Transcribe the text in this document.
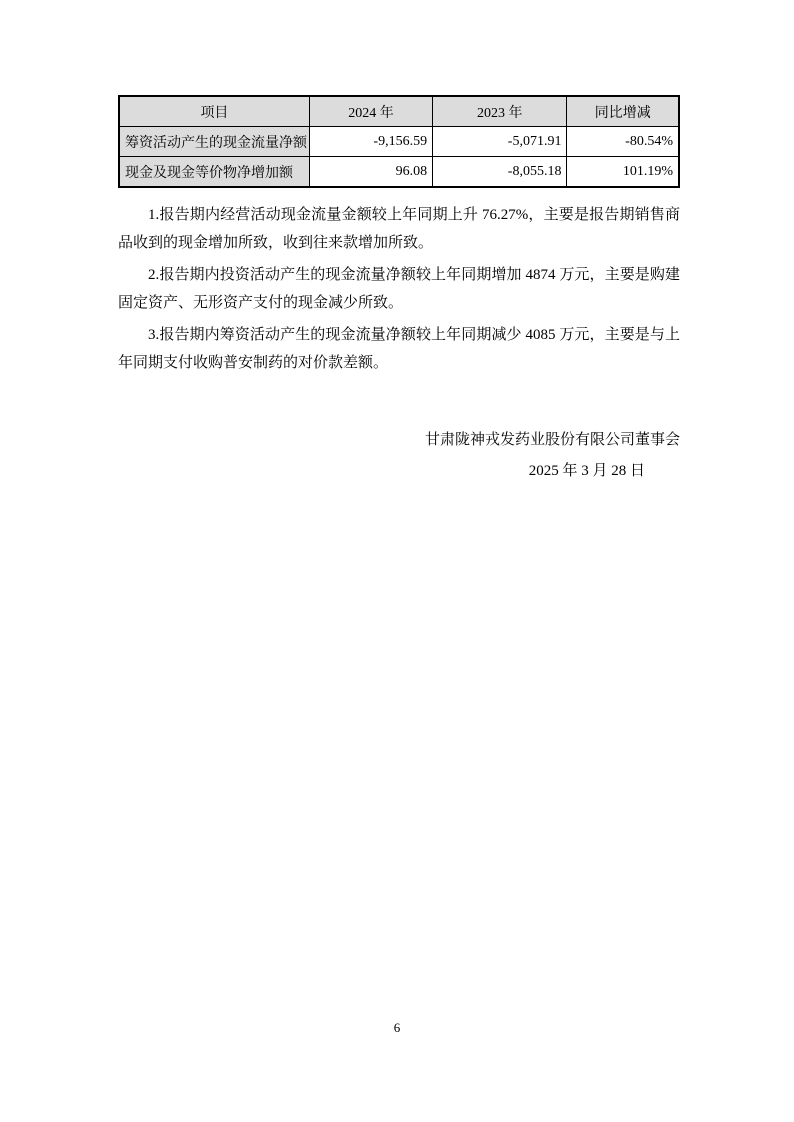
项目	2024 年	2023 年	同比增减
筹资活动产生的现金流量净额	-9,156.59	-5,071.91	-80.54%
现金及现金等价物净增加额	96.08	-8,055.18	101.19%

1.报告期内经营活动现金流量金额较上年同期上升 76.27%，主要是报告期销售商品收到的现金增加所致，收到往来款增加所致。

2.报告期内投资活动产生的现金流量净额较上年同期增加 4874 万元，主要是购建固定资产、无形资产支付的现金减少所致。

3.报告期内筹资活动产生的现金流量净额较上年同期减少 4085 万元，主要是与上年同期支付收购普安制药的对价款差额。

甘肃陇神戎发药业股份有限公司董事会
2025 年 3 月 28 日
6
